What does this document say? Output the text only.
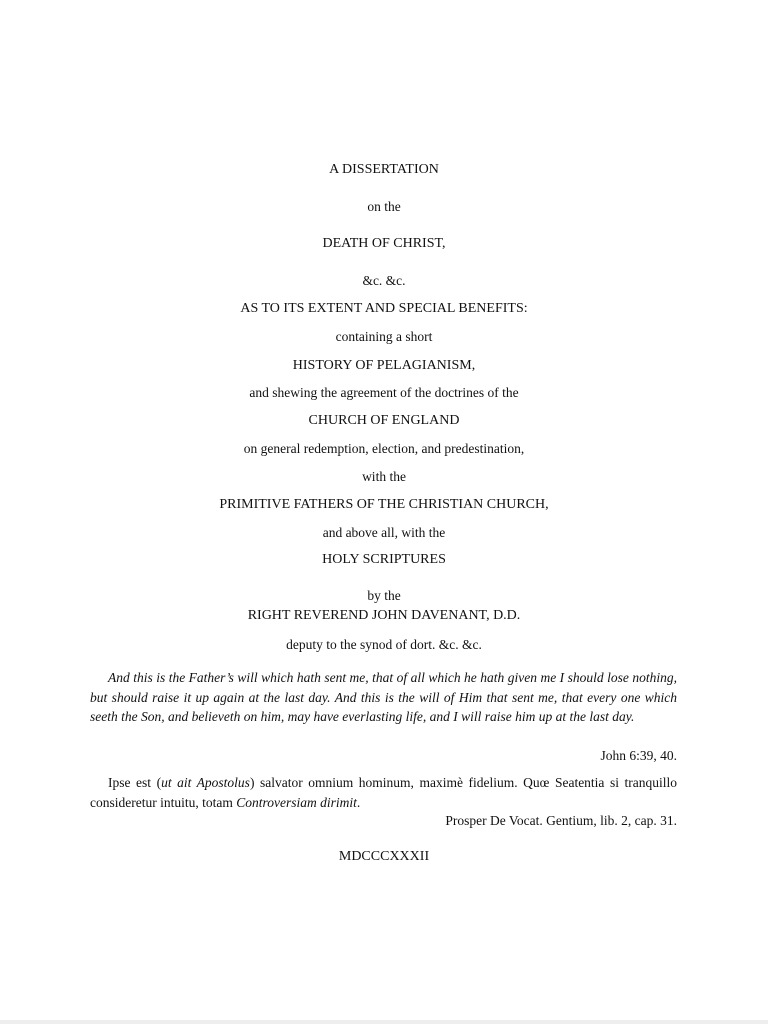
A DISSERTATION
on the
DEATH OF CHRIST,
&c. &c.
AS TO ITS EXTENT AND SPECIAL BENEFITS:
containing a short
HISTORY OF PELAGIANISM,
and shewing the agreement of the doctrines of the
CHURCH OF ENGLAND
on general redemption, election, and predestination,
with the
PRIMITIVE FATHERS OF THE CHRISTIAN CHURCH,
and above all, with the
HOLY SCRIPTURES
by the
RIGHT REVEREND JOHN DAVENANT, D.D.
deputy to the synod of dort. &c. &c.

And this is the Father’s will which hath sent me, that of all which he hath given me I should lose nothing, but should raise it up again at the last day. And this is the will of Him that sent me, that every one which seeth the Son, and believeth on him, may have everlasting life, and I will raise him up at the last day.

John 6:39, 40.

Ipse est (ut ait Apostolus) salvator omnium hominum, maximè fidelium. Quœ Seatentia si tranquillo consideretur intuitu, totam Controversiam dirimit.

Prosper De Vocat. Gentium, lib. 2, cap. 31.
MDCCCXXXII
